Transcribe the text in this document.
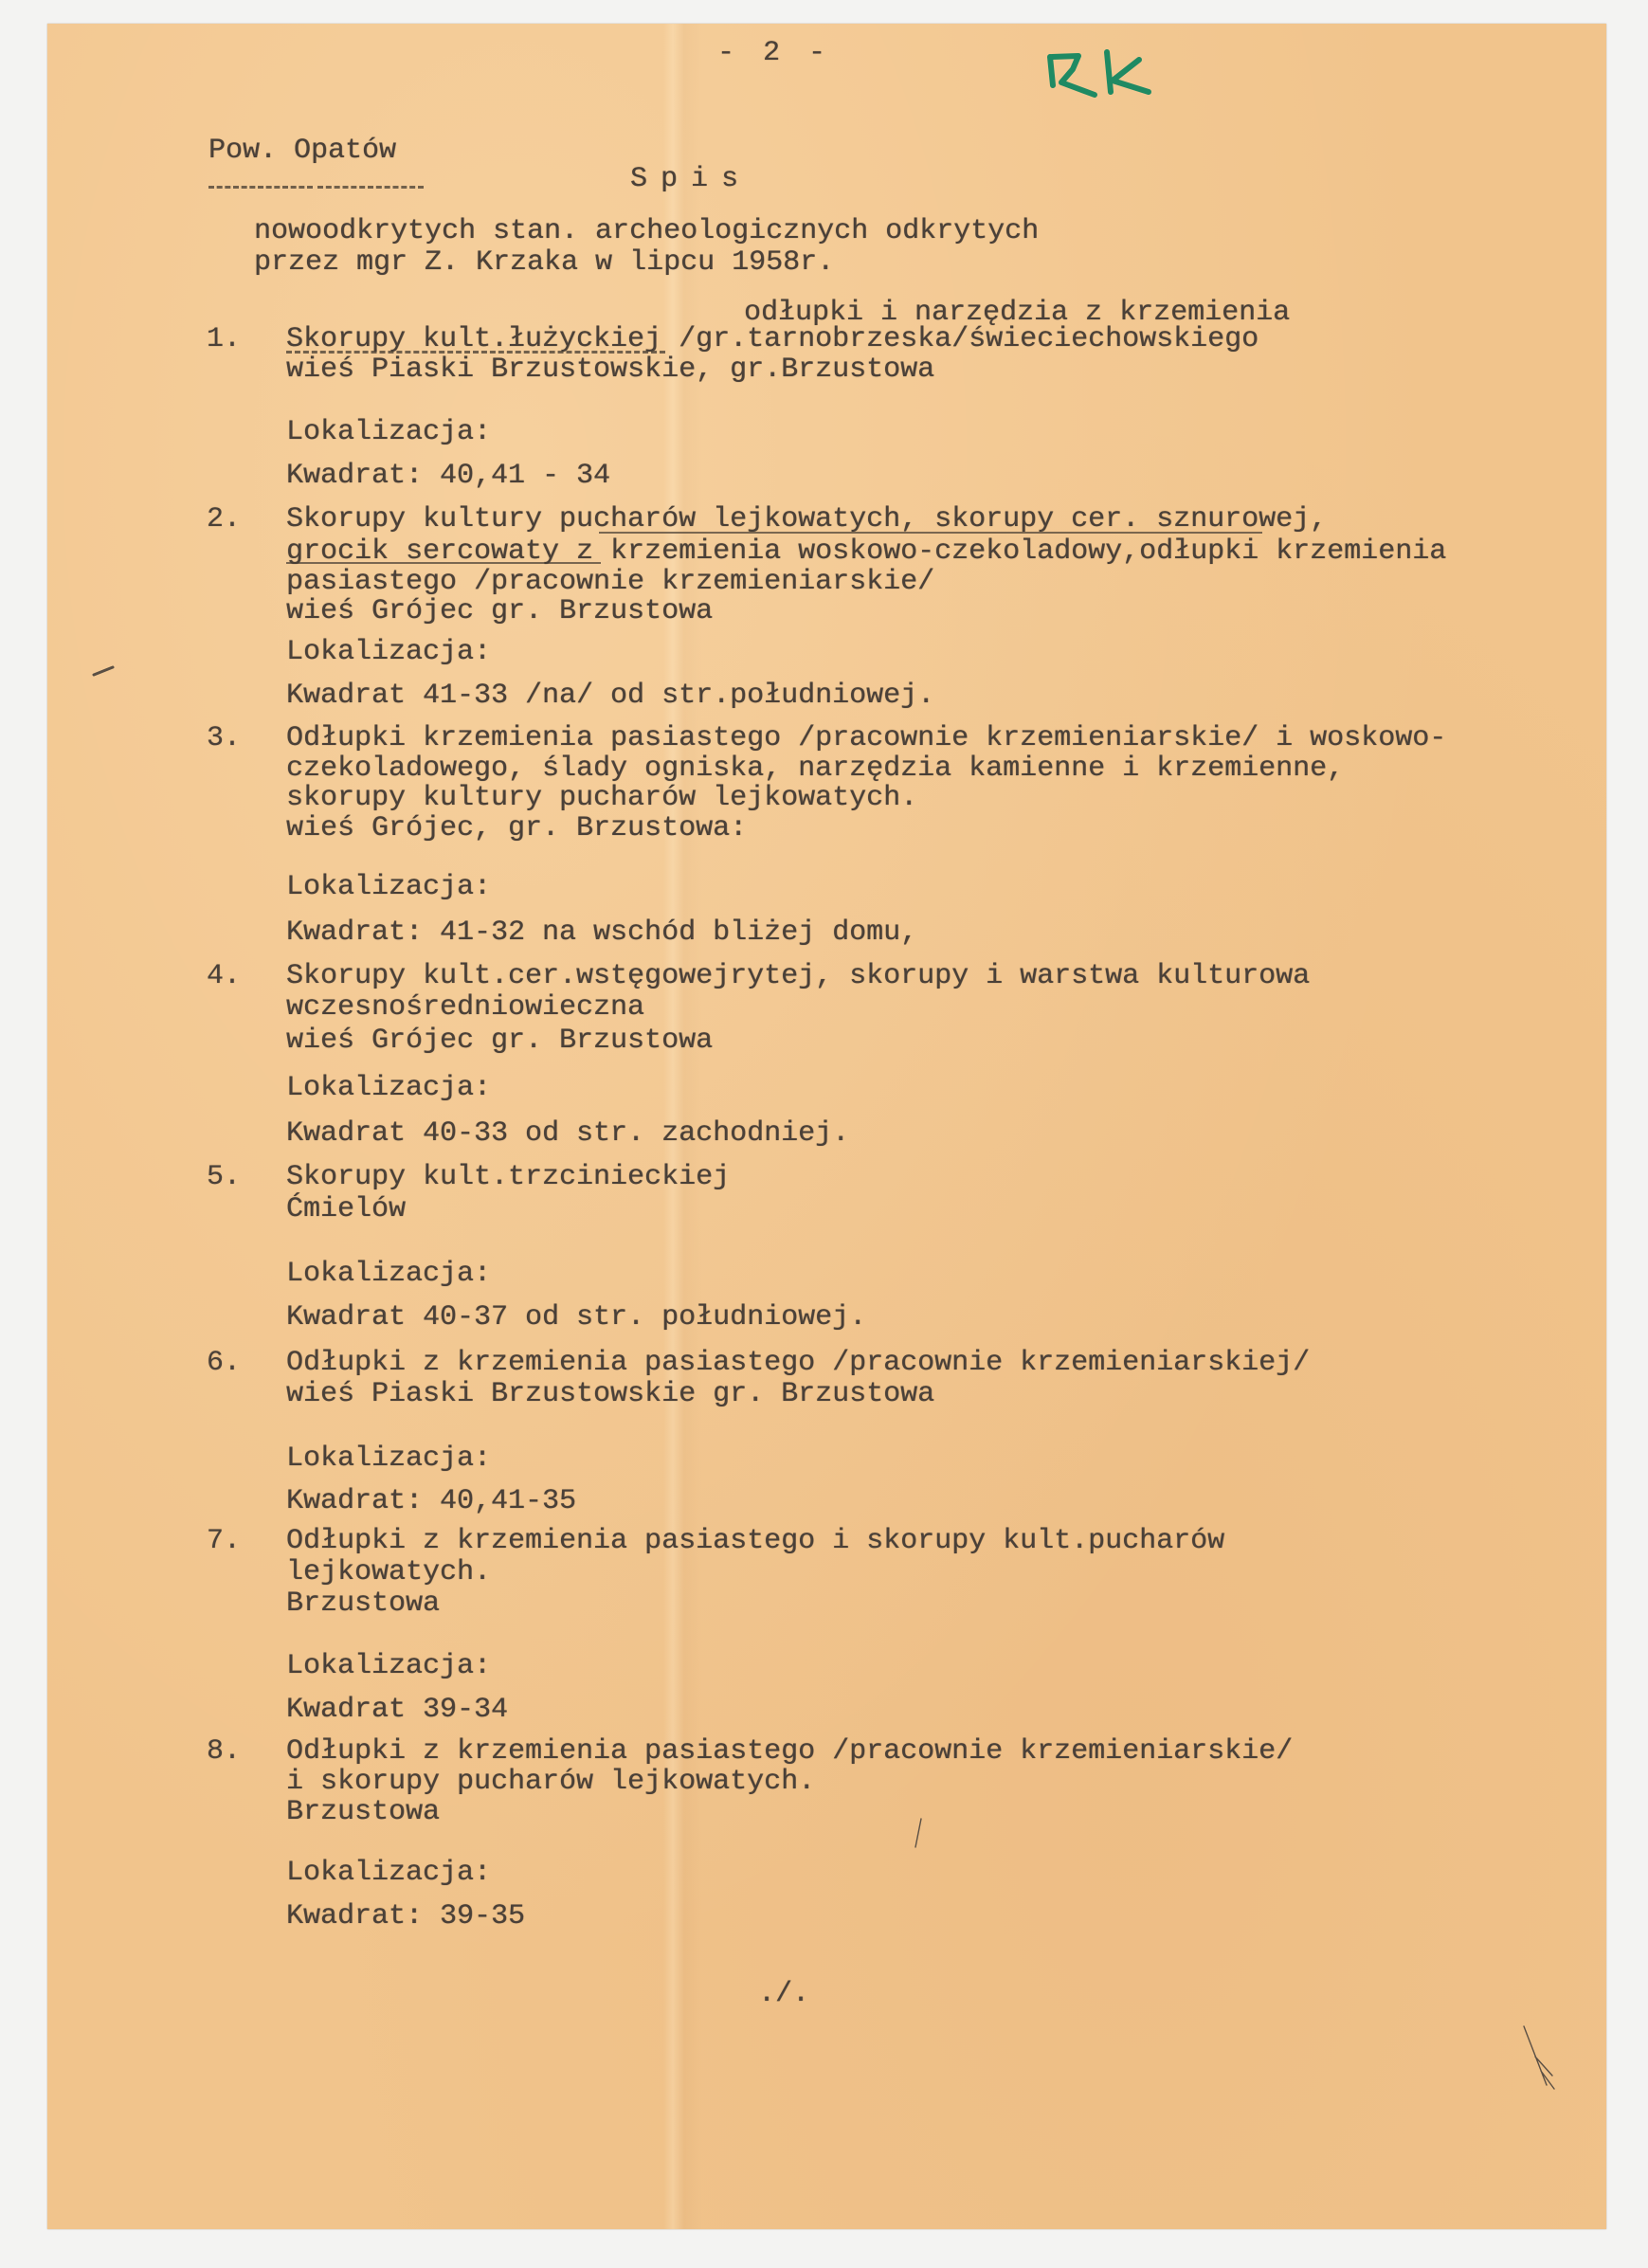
- 2 -
Pow. Opatów
Spis
nowoodkrytych stan. archeologicznych odkrytych
przez mgr Z. Krzaka w lipcu 1958r.
odłupki i narzędzia z krzemienia
1. Skorupy kult.łużyckiej /gr.tarnobrzeska/świeciechowskiego
wieś Piaski Brzustowskie, gr.Brzustowa
Lokalizacja:
Kwadrat: 40,41 - 34
2. Skorupy kultury pucharów lejkowatych, skorupy cer. sznurowej,
grocik sercowaty z krzemienia woskowo-czekoladowy,odłupki krzemienia
pasiastego /pracownie krzemieniarskie/
wieś Grójec gr. Brzustowa
Lokalizacja:
Kwadrat 41-33 /na/ od str.południowej.
3. Odłupki krzemienia pasiastego /pracownie krzemieniarskie/ i woskowo-
czekoladowego, ślady ogniska, narzędzia kamienne i krzemienne,
skorupy kultury pucharów lejkowatych.
wieś Grójec, gr. Brzustowa:
Lokalizacja:
Kwadrat: 41-32 na wschód bliżej domu,
4. Skorupy kult.cer.wstęgowejrytej, skorupy i warstwa kulturowa
wczesnośredniowieczna
wieś Grójec gr. Brzustowa
Lokalizacja:
Kwadrat 40-33 od str. zachodniej.
5. Skorupy kult.trzcinieckiej
Ćmielów
Lokalizacja:
Kwadrat 40-37 od str. południowej.
6. Odłupki z krzemienia pasiastego /pracownie krzemieniarskiej/
wieś Piaski Brzustowskie gr. Brzustowa
Lokalizacja:
Kwadrat: 40,41-35
7. Odłupki z krzemienia pasiastego i skorupy kult.pucharów
lejkowatych.
Brzustowa
Lokalizacja:
Kwadrat 39-34
8. Odłupki z krzemienia pasiastego /pracownie krzemieniarskie/
i skorupy pucharów lejkowatych.
Brzustowa
Lokalizacja:
Kwadrat: 39-35
./.
